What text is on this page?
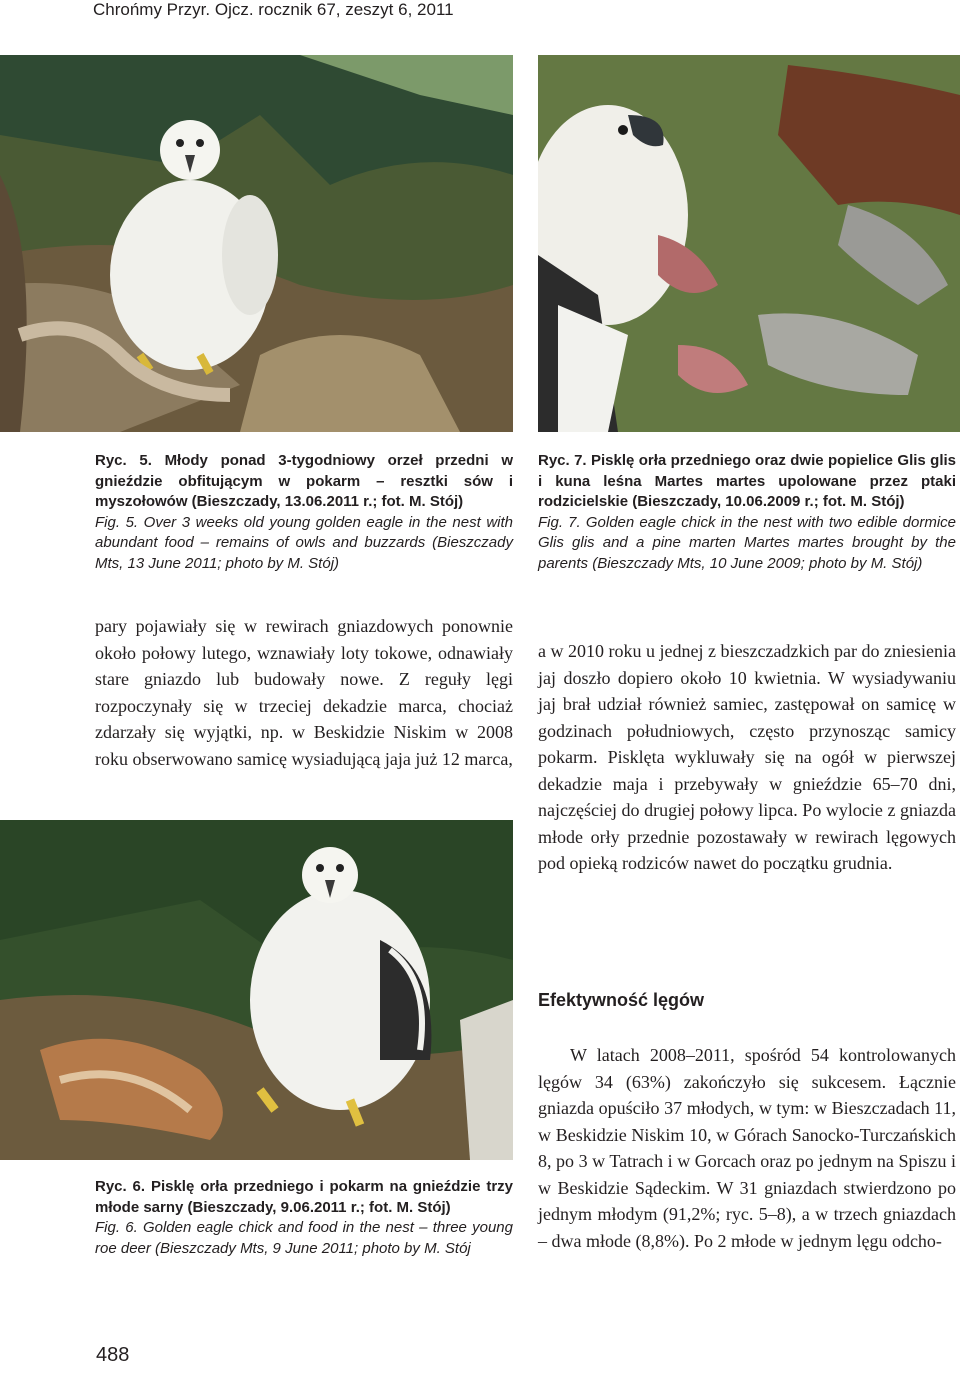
Chrońmy Przyr. Ojcz. rocznik 67, zeszyt 6, 2011
Ryc. 5. Młody ponad 3-tygodniowy orzeł przedni w gnieździe obfitującym w pokarm – resztki sów i myszołowów (Bieszczady, 13.06.2011 r.; fot. M. Stój)
Fig. 5. Over 3 weeks old young golden eagle in the nest with abundant food – remains of owls and buzzards (Bieszczady Mts, 13 June 2011; photo by M. Stój)
Ryc. 7. Pisklę orła przedniego oraz dwie popielice Glis glis i kuna leśna Martes martes upolowane przez ptaki rodzicielskie (Bieszczady, 10.06.2009 r.; fot. M. Stój)
Fig. 7. Golden eagle chick in the nest with two edible dormice Glis glis and a pine marten Martes martes brought by the parents (Bieszczady Mts, 10 June 2009; photo by M. Stój)
pary pojawiały się w rewirach gniazdowych ponownie około połowy lutego, wznawiały loty tokowe, odnawiały stare gniazdo lub budowały nowe. Z reguły lęgi rozpoczynały się w trzeciej dekadzie marca, chociaż zdarzały się wyjątki, np. w Beskidzie Niskim w 2008 roku obserwowano samicę wysiadującą jaja już 12 marca,
a w 2010 roku u jednej z bieszczadzkich par do zniesienia jaj doszło dopiero około 10 kwietnia. W wysiadywaniu jaj brał udział również samiec, zastępował on samicę w godzinach południowych, często przynosząc samicy pokarm. Pisklęta wykluwały się na ogół w pierwszej dekadzie maja i przebywały w gnieździe 65–70 dni, najczęściej do drugiej połowy lipca. Po wylocie z gniazda młode orły przednie pozostawały w rewirach lęgowych pod opieką rodziców nawet do początku grudnia.
Efektywność lęgów
W latach 2008–2011, spośród 54 kontrolowanych lęgów 34 (63%) zakończyło się sukcesem. Łącznie gniazda opuściło 37 młodych, w tym: w Bieszczadach 11, w Beskidzie Niskim 10, w Górach Sanocko-Turczańskich 8, po 3 w Tatrach i w Gorcach oraz po jednym na Spiszu i w Beskidzie Sądeckim. W 31 gniazdach stwierdzono po jednym młodym (91,2%; ryc. 5–8), a w trzech gniazdach – dwa młode (8,8%). Po 2 młode w jednym lęgu odcho-
Ryc. 6. Pisklę orła przedniego i pokarm na gnieździe trzy młode sarny (Bieszczady, 9.06.2011 r.; fot. M. Stój)
Fig. 6. Golden eagle chick and food in the nest – three young roe deer (Bieszczady Mts, 9 June 2011; photo by M. Stój
488
